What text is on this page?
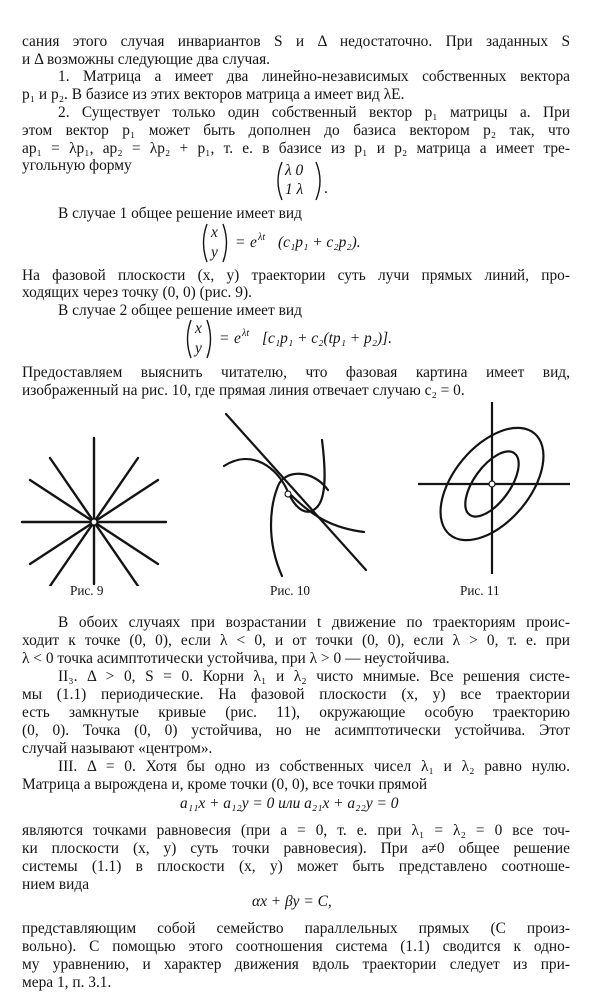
сания этого случая инвариантов S и Δ недостаточно. При заданных S

и Δ возможны следующие два случая.

1. Матрица a имеет два линейно-независимых собственных вектора

p₁ и p₂. В базисе из этих векторов матрица a имеет вид λE.

2. Существует только один собственный вектор p₁ матрицы a. При

этом вектор p₁ может быть дополнен до базиса вектором p₂ так, что

ap₁ = λp₁, ap₂ = λp₂ + p₁, т. е. в базисе из p₁ и p₂ матрица a имеет тре-

угольную форму	λ 0
1 λ .

В случае 1 общее решение имеет вид

x
y
= e λt (c₁p₁ + c₂p₂).

На фазовой плоскости (x, y) траектории суть лучи прямых линий, про-

ходящих через точку (0, 0) (рис. 9).

В случае 2 общее решение имеет вид

x
y
= e λt [c₁p₁ + c₂(tp₁ + p₂)].

Предоставляем выяснить читателю, что фазовая картина имеет вид,

изображенный на рис. 10, где прямая линия отвечает случаю c₂ = 0.

Рис. 9	Рис. 10	Рис. 11

В обоих случаях при возрастании t движение по траекториям проис-

ходит к точке (0, 0), если λ < 0, и от точки (0, 0), если λ > 0, т. е. при

λ < 0 точка асимптотически устойчива, при λ > 0 — неустойчива.

II₃. Δ > 0, S = 0. Корни λ₁ и λ₂ чисто мнимые. Все решения систе-

мы (1.1) периодические. На фазовой плоскости (x, y) все траектории

есть замкнутые кривые (рис. 11), окружающие особую траекторию

(0, 0). Точка (0, 0) устойчива, но не асимптотически устойчива. Этот

случай называют «центром».

III. Δ = 0. Хотя бы одно из собственных чисел λ₁ и λ₂ равно нулю.

Матрица a вырождена и, кроме точки (0, 0), все точки прямой

a₁₁x + a₁₂y = 0 или a₂₁x + a₂₂y = 0

являются точками равновесия (при a = 0, т. е. при λ₁ = λ₂ = 0 все точ-

ки плоскости (x, y) суть точки равновесия). При a≠0 общее решение

системы (1.1) в плоскости (x, y) может быть представлено соотноше-

нием вида

αx + βy = C,

представляющим собой семейство параллельных прямых (C произ-

вольно). С помощью этого соотношения система (1.1) сводится к одно-

му уравнению, и характер движения вдоль траектории следует из при-

мера 1, п. 3.1.
